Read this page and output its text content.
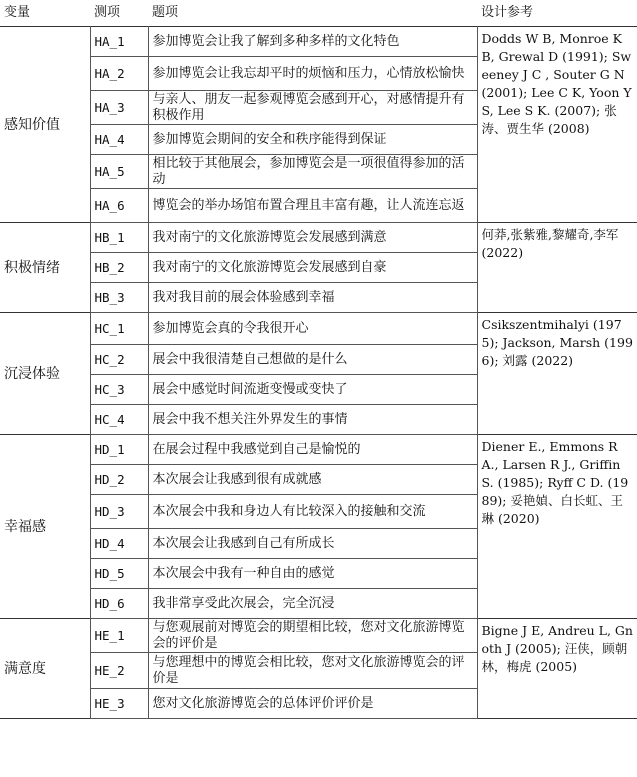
变量	测项	题项	设计参考
感知价值	HA_1	参加博览会让我了解到多种多样的文化特色	Dodds W B, Monroe K B, Grewal D (1991); Sweeney J C , Souter G N (2001); Lee C K, Yoon Y S, Lee S K. (2007); 张涛、贾生华 (2008)
	HA_2	参加博览会让我忘却平时的烦恼和压力，心情放松愉快	
	HA_3	与亲人、朋友一起参观博览会感到开心，对感情提升有积极作用	
	HA_4	参加博览会期间的安全和秩序能得到保证	
	HA_5	相比较于其他展会，参加博览会是一项很值得参加的活动	
	HA_6	博览会的举办场馆布置合理且丰富有趣，让人流连忘返	
积极情绪	HB_1	我对南宁的文化旅游博览会发展感到满意	何莽,张紫雅,黎耀奇,李军 (2022)
	HB_2	我对南宁的文化旅游博览会发展感到自豪	
	HB_3	我对我目前的展会体验感到幸福	
沉浸体验	HC_1	参加博览会真的令我很开心	Csikszentmihalyi (1975); Jackson, Marsh (1996); 刘露 (2022)
	HC_2	展会中我很清楚自己想做的是什么	
	HC_3	展会中感觉时间流逝变慢或变快了	
	HC_4	展会中我不想关注外界发生的事情	
幸福感	HD_1	在展会过程中我感觉到自己是愉悦的	Diener E., Emmons R A., Larsen R J., Griffin S. (1985); Ryff C D. (1989); 妥艳媜、白长虹、王琳 (2020)
	HD_2	本次展会让我感到很有成就感	
	HD_3	本次展会中我和身边人有比较深入的接触和交流	
	HD_4	本次展会让我感到自己有所成长	
	HD_5	本次展会中我有一种自由的感觉	
	HD_6	我非常享受此次展会，完全沉浸	
满意度	HE_1	与您观展前对博览会的期望相比较，您对文化旅游博览会的评价是	Bigne J E, Andreu L, Gnoth J (2005); 汪侠，顾朝林，梅虎 (2005)
	HE_2	与您理想中的博览会相比较，您对文化旅游博览会的评价是	
	HE_3	您对文化旅游博览会的总体评价评价是	
